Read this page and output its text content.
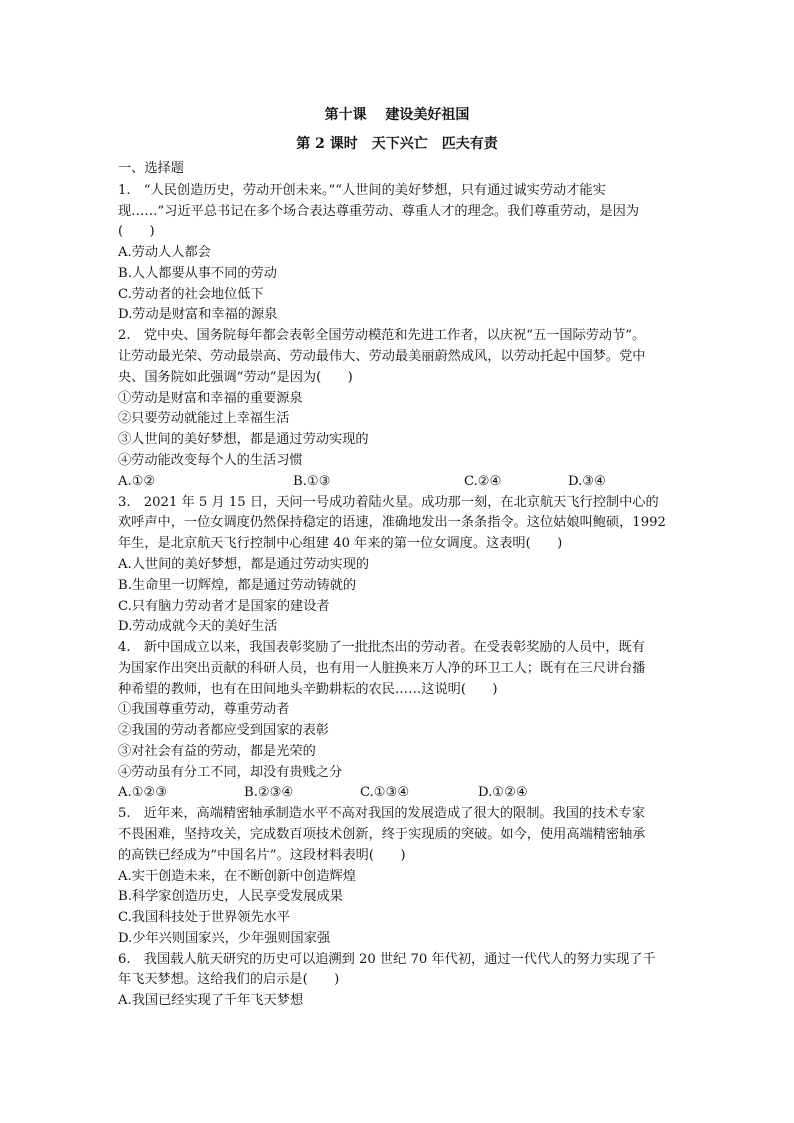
第十课　 建设美好祖国
第 2 课时　天下兴亡　匹夫有责
一、选择题
1.　“人民创造历史，劳动开创未来。”“人世间的美好梦想，只有通过诚实劳动才能实
现……”习近平总书记在多个场合表达尊重劳动、尊重人才的理念。我们尊重劳动，是因为
(　　)
A.劳动人人都会
B.人人都要从事不同的劳动
C.劳动者的社会地位低下
D.劳动是财富和幸福的源泉
2.　党中央、国务院每年都会表彰全国劳动模范和先进工作者，以庆祝“五一国际劳动节”。
让劳动最光荣、劳动最崇高、劳动最伟大、劳动最美丽蔚然成风，以劳动托起中国梦。党中
央、国务院如此强调“劳动”是因为(　　)
①劳动是财富和幸福的重要源泉
②只要劳动就能过上幸福生活
③人世间的美好梦想，都是通过劳动实现的
④劳动能改变每个人的生活习惯
A.①②	B.①③	C.②④	D.③④
3.　2021 年 5 月 15 日，天问一号成功着陆火星。成功那一刻，在北京航天飞行控制中心的
欢呼声中，一位女调度仍然保持稳定的语速，准确地发出一条条指令。这位姑娘叫鲍硕，1992
年生，是北京航天飞行控制中心组建 40 年来的第一位女调度。这表明(　　)
A.人世间的美好梦想，都是通过劳动实现的
B.生命里一切辉煌，都是通过劳动铸就的
C.只有脑力劳动者才是国家的建设者
D.劳动成就今天的美好生活
4.　新中国成立以来，我国表彰奖励了一批批杰出的劳动者。在受表彰奖励的人员中，既有
为国家作出突出贡献的科研人员，也有用一人脏换来万人净的环卫工人；既有在三尺讲台播
种希望的教师，也有在田间地头辛勤耕耘的农民……这说明(　　)
①我国尊重劳动，尊重劳动者
②我国的劳动者都应受到国家的表彰
③对社会有益的劳动，都是光荣的
④劳动虽有分工不同，却没有贵贱之分
A.①②③	B.②③④	C.①③④	D.①②④
5.　近年来，高端精密轴承制造水平不高对我国的发展造成了很大的限制。我国的技术专家
不畏困难，坚持攻关，完成数百项技术创新，终于实现质的突破。如今，使用高端精密轴承
的高铁已经成为“中国名片”。这段材料表明(　　)
A.实干创造未来，在不断创新中创造辉煌
B.科学家创造历史，人民享受发展成果
C.我国科技处于世界领先水平
D.少年兴则国家兴，少年强则国家强
6.　我国载人航天研究的历史可以追溯到 20 世纪 70 年代初，通过一代代人的努力实现了千
年飞天梦想。这给我们的启示是(　　)
A.我国已经实现了千年飞天梦想
